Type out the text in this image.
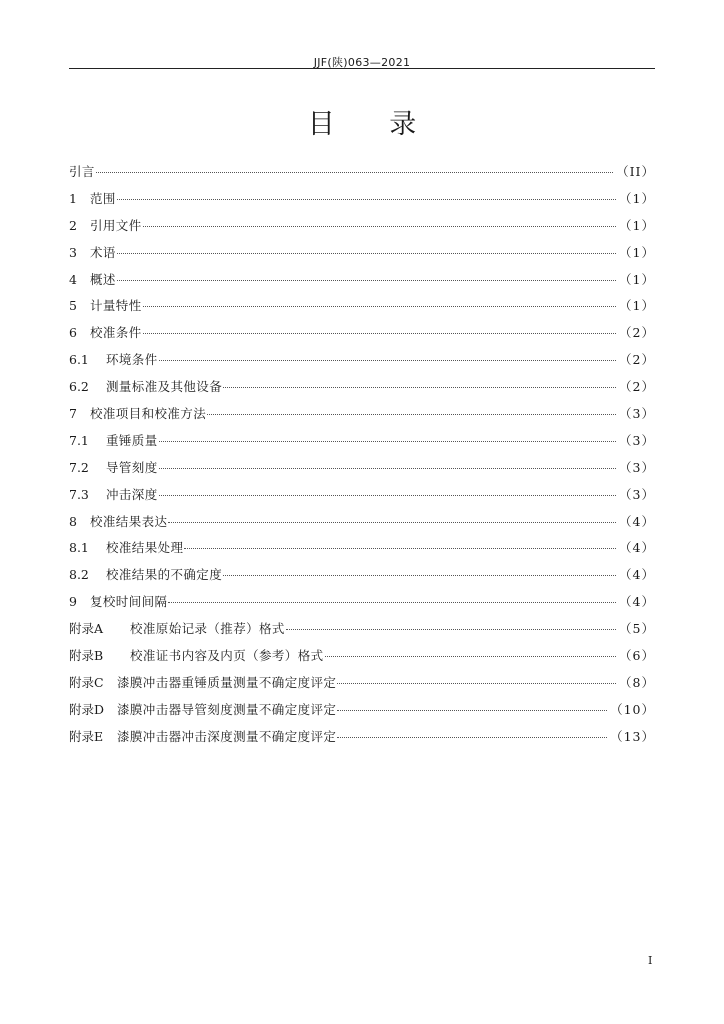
JJF(陕)063—2021
目 录
引言	（II）
1	范围	（1）
2	引用文件	（1）
3	术语	（1）
4	概述	（1）
5	计量特性	（1）
6	校准条件	（2）
6.1	环境条件	（2）
6.2	测量标准及其他设备	（2）
7	校准项目和校准方法	（3）
7.1	重锤质量	（3）
7.2	导管刻度	（3）
7.3	冲击深度	（3）
8	校准结果表达	（4）
8.1	校准结果处理	（4）
8.2	校准结果的不确定度	（4）
9	复校时间间隔	（4）
附录A	校准原始记录（推荐）格式	（5）
附录B	校准证书内容及内页（参考）格式	（6）
附录C	漆膜冲击器重锤质量测量不确定度评定	（8）
附录D	漆膜冲击器导管刻度测量不确定度评定	（10）
附录E	漆膜冲击器冲击深度测量不确定度评定	（13）
I
